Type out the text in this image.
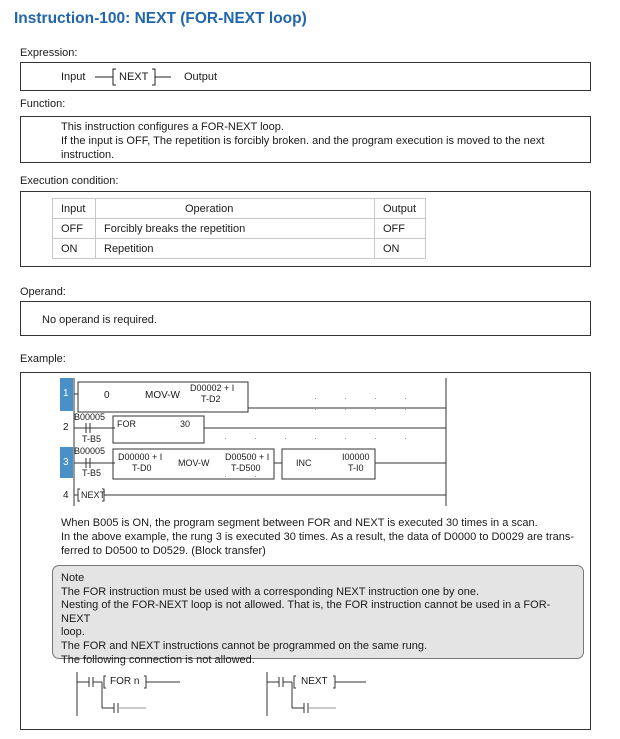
Instruction-100: NEXT (FOR-NEXT loop)
Expression:
Input	NEXT	Output
Function:
This instruction configures a FOR-NEXT loop.
If the input is OFF, The repetition is forcibly broken. and the program execution is moved to the next
instruction.
Execution condition:
Input	Operation	Output
OFF	Forcibly breaks the repetition	OFF
ON	Repetition	ON
Operand:
No operand is required.
Example:
1	0	MOV-W
D00002 + I
T-D2
2
B00005
T-B5
FOR	30
3
B00005
T-B5
D00000 + I
T-D0	MOV-W
D00500 + I
T-D500	INC
I00000
T-I0
4 NEXT
When B005 is ON, the program segment between FOR and NEXT is executed 30 times in a scan.
In the above example, the rung 3 is executed 30 times. As a result, the data of D0000 to D0029 are trans-
ferred to D0500 to D0529. (Block transfer)
Note
The FOR instruction must be used with a corresponding NEXT instruction one by one.
Nesting of the FOR-NEXT loop is not allowed. That is, the FOR instruction cannot be used in a FOR-NEXT
loop.
The FOR and NEXT instructions cannot be programmed on the same rung.
The following connection is not allowed.
FOR n	NEXT
